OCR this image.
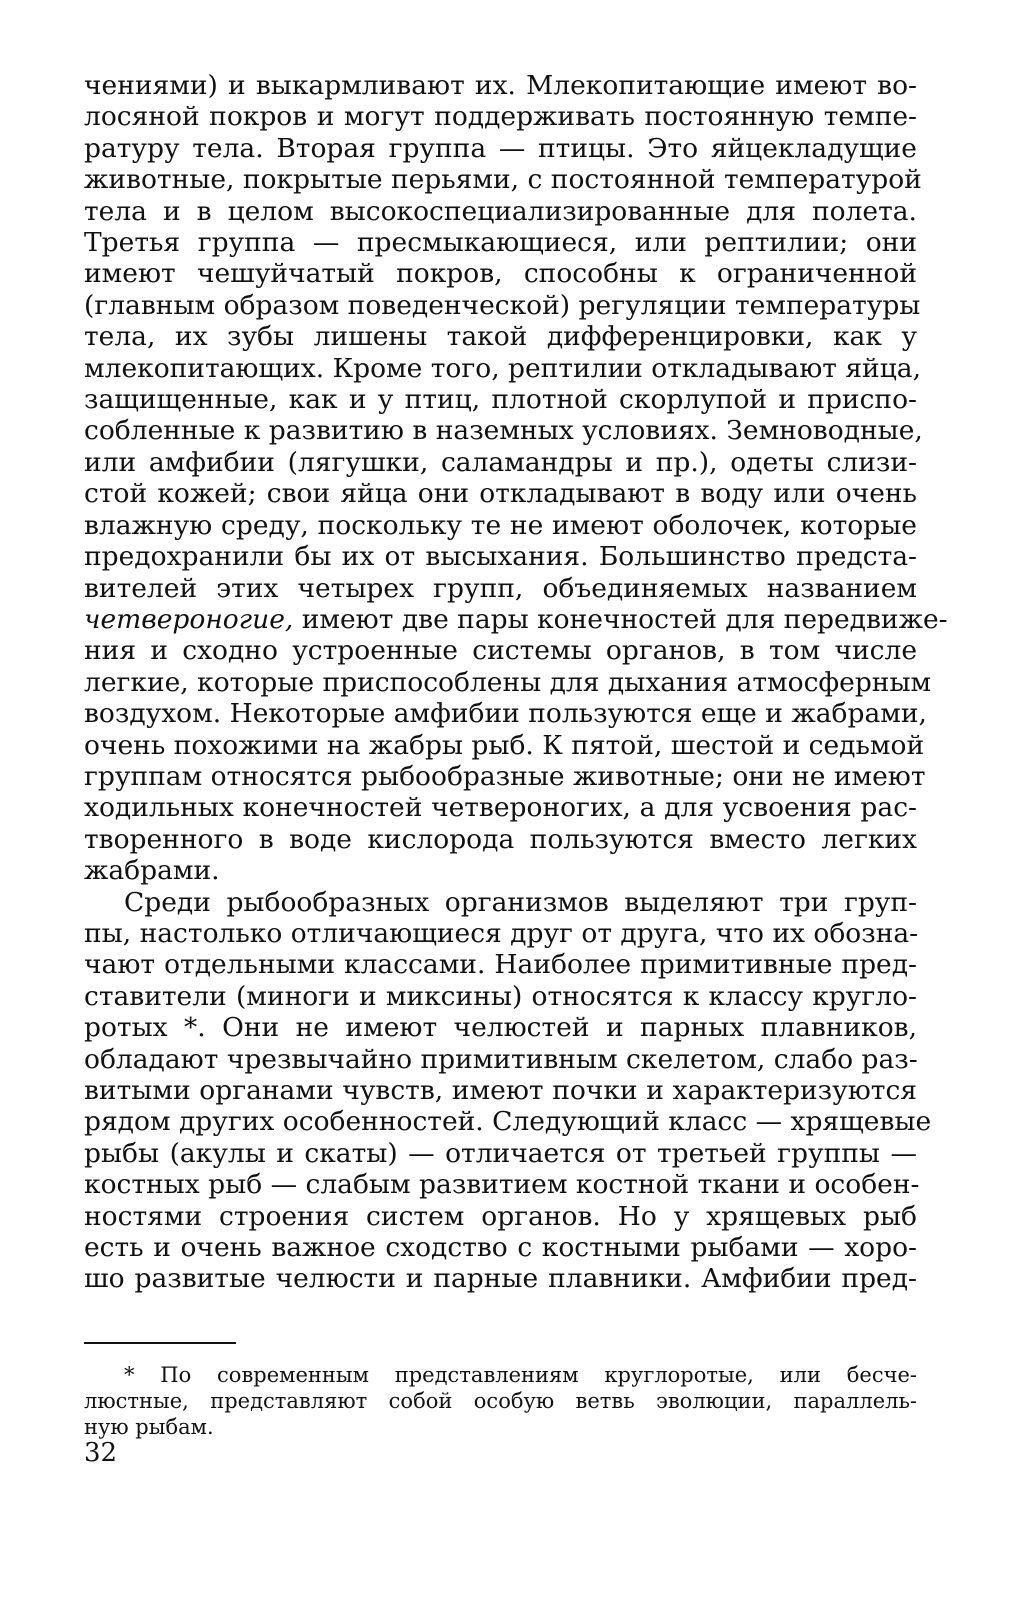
чениями) и выкармливают их. Млекопитающие имеют во-
лосяной покров и могут поддерживать постоянную темпе-
ратуру тела. Вторая группа — птицы. Это яйцекладущие
животные, покрытые перьями, с постоянной температурой
тела и в целом высокоспециализированные для полета.
Третья группа — пресмыкающиеся, или рептилии; они
имеют чешуйчатый покров, способны к ограниченной
(главным образом поведенческой) регуляции температуры
тела, их зубы лишены такой дифференцировки, как у
млекопитающих. Кроме того, рептилии откладывают яйца,
защищенные, как и у птиц, плотной скорлупой и приспо-
собленные к развитию в наземных условиях. Земноводные,
или амфибии (лягушки, саламандры и пр.), одеты слизи-
стой кожей; свои яйца они откладывают в воду или очень
влажную среду, поскольку те не имеют оболочек, которые
предохранили бы их от высыхания. Большинство предста-
вителей этих четырех групп, объединяемых названием
четвероногие, имеют две пары конечностей для передвиже-
ния и сходно устроенные системы органов, в том числе
легкие, которые приспособлены для дыхания атмосферным
воздухом. Некоторые амфибии пользуются еще и жабрами,
очень похожими на жабры рыб. К пятой, шестой и седьмой
группам относятся рыбообразные животные; они не имеют
ходильных конечностей четвероногих, а для усвоения рас-
творенного в воде кислорода пользуются вместо легких
жабрами.

Среди рыбообразных организмов выделяют три груп-
пы, настолько отличающиеся друг от друга, что их обозна-
чают отдельными классами. Наиболее примитивные пред-
ставители (миноги и миксины) относятся к классу кругло-
ротых *. Они не имеют челюстей и парных плавников,
обладают чрезвычайно примитивным скелетом, слабо раз-
витыми органами чувств, имеют почки и характеризуются
рядом других особенностей. Следующий класс — хрящевые
рыбы (акулы и скаты) — отличается от третьей группы —
костных рыб — слабым развитием костной ткани и особен-
ностями строения систем органов. Но у хрящевых рыб
есть и очень важное сходство с костными рыбами — хоро-
шо развитые челюсти и парные плавники. Амфибии пред-

* По современным представлениям круглоротые, или бесче-
люстные, представляют собой особую ветвь эволюции, параллель-
ную рыбам.
32
